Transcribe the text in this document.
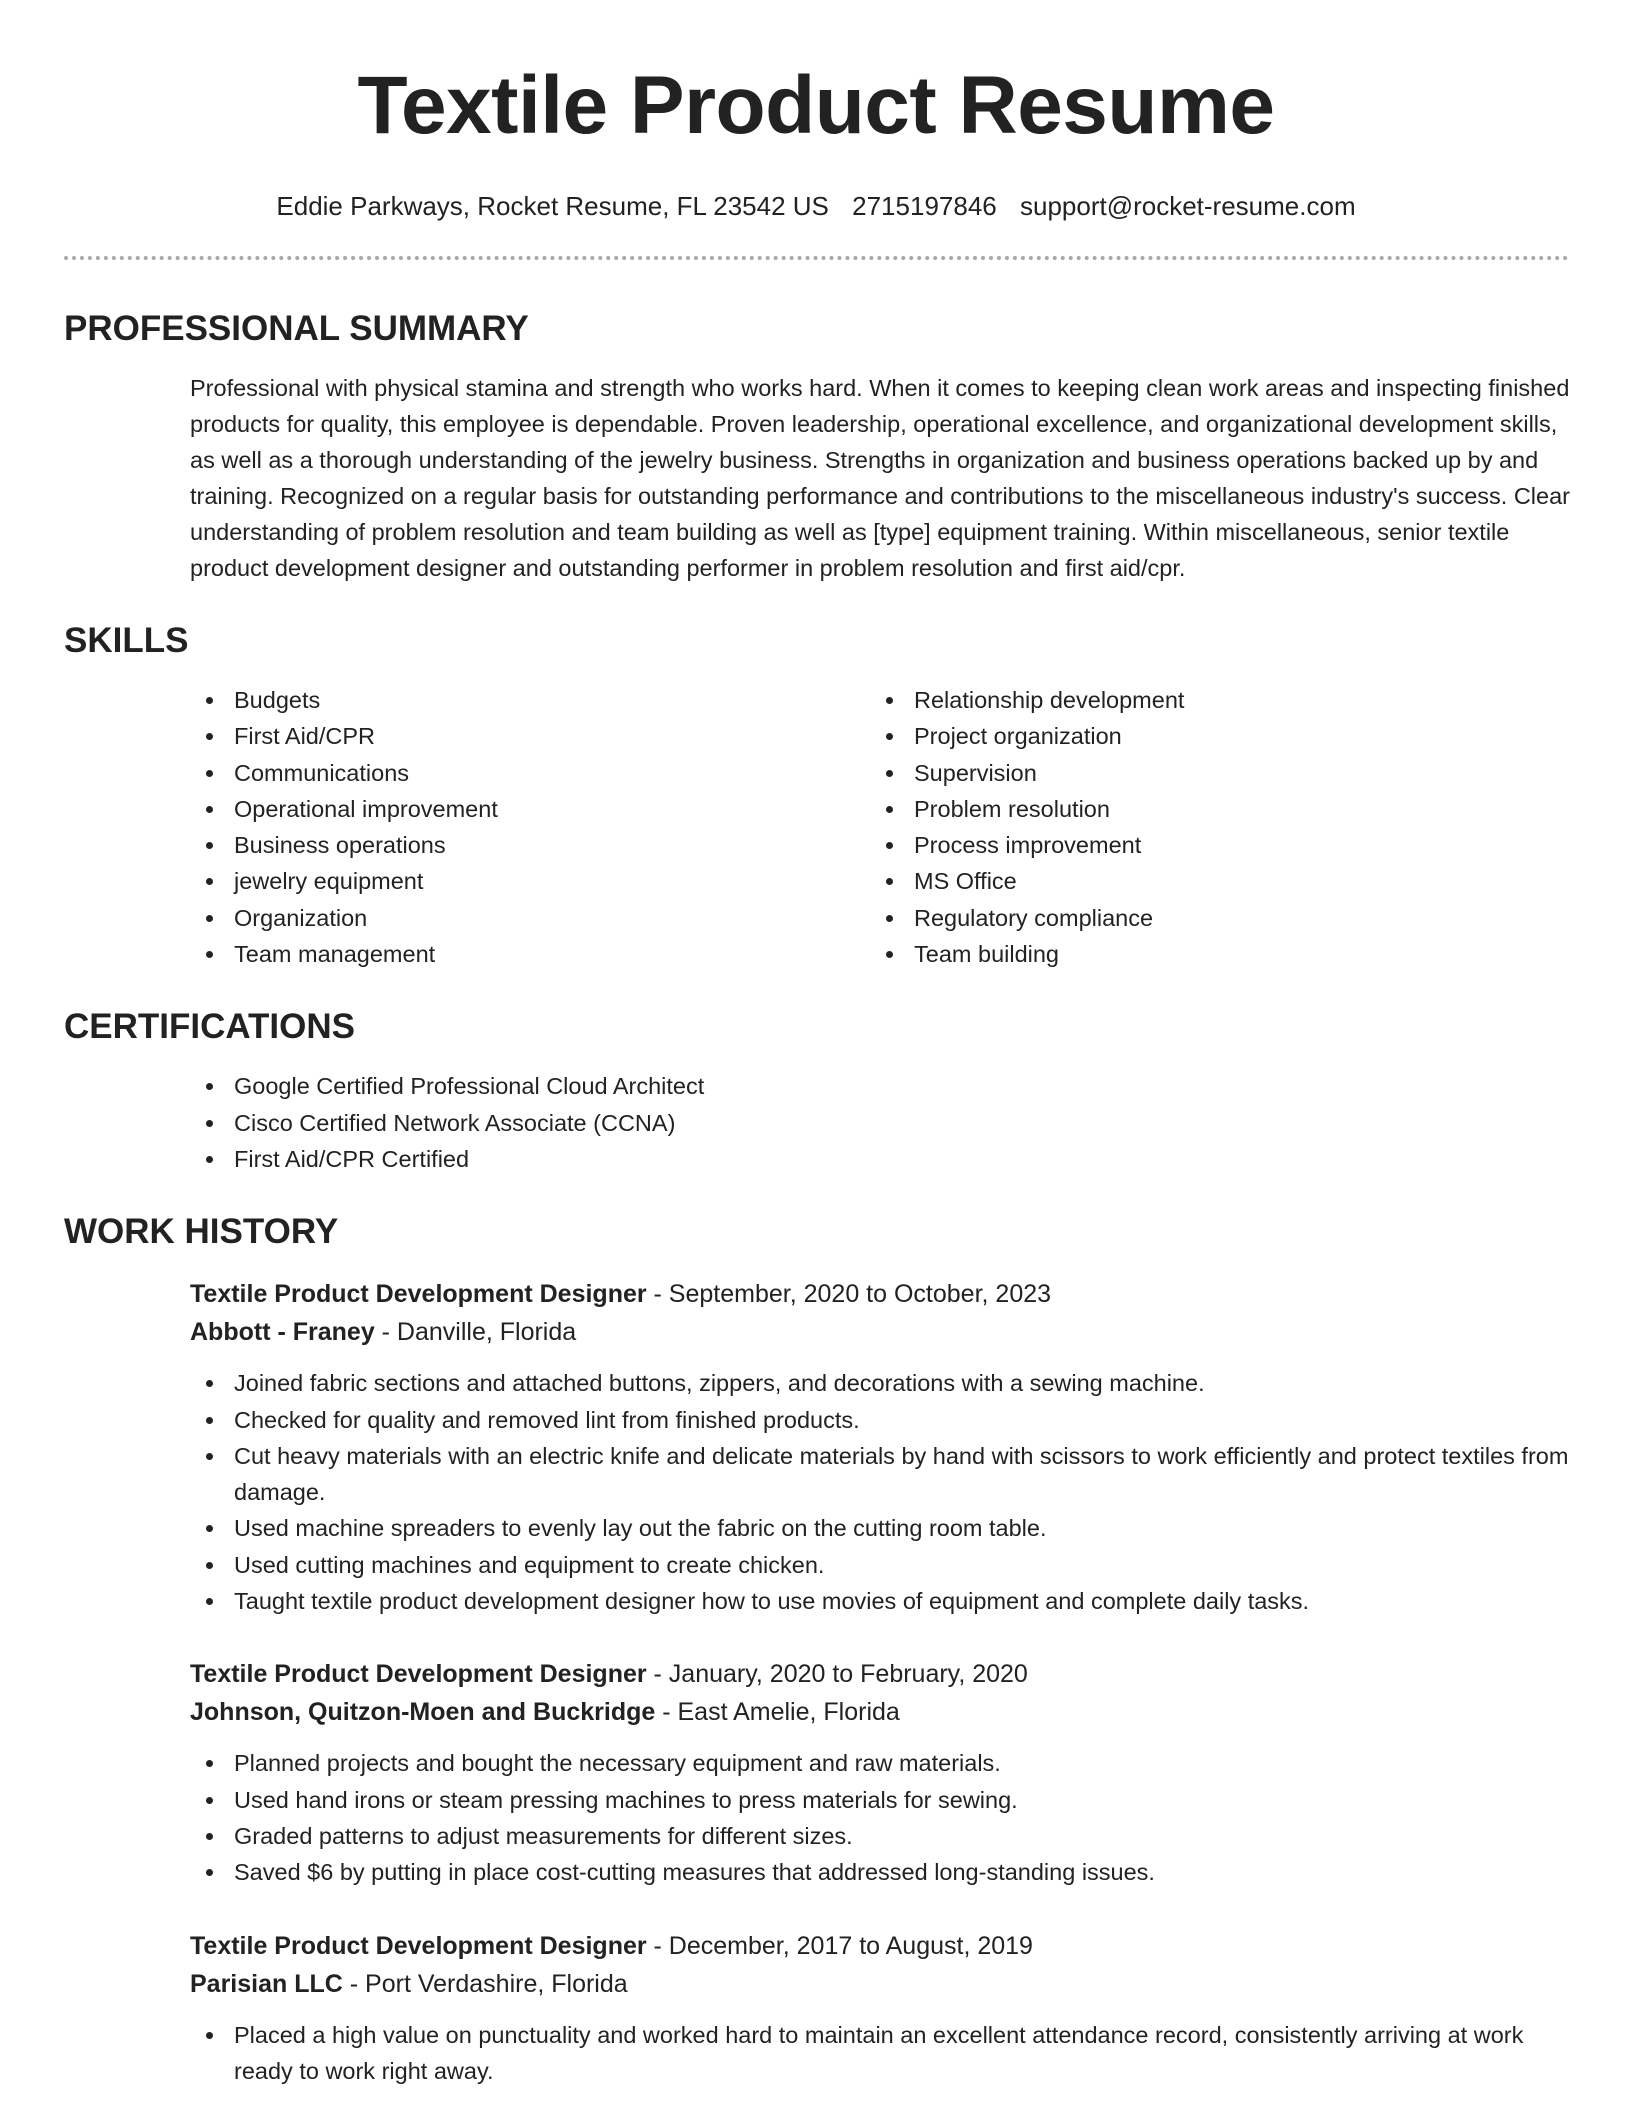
Textile Product Resume
Eddie Parkways, Rocket Resume, FL 23542 US 2715197846 support@rocket-resume.com
PROFESSIONAL SUMMARY

Professional with physical stamina and strength who works hard. When it comes to keeping clean work areas and inspecting finished products for quality, this employee is dependable. Proven leadership, operational excellence, and organizational development skills, as well as a thorough understanding of the jewelry business. Strengths in organization and business operations backed up by and training. Recognized on a regular basis for outstanding performance and contributions to the miscellaneous industry's success. Clear understanding of problem resolution and team building as well as [type] equipment training. Within miscellaneous, senior textile product development designer and outstanding performer in problem resolution and first aid/cpr.

SKILLS
Budgets
First Aid/CPR
Communications
Operational improvement
Business operations
jewelry equipment
Organization
Team management
Relationship development
Project organization
Supervision
Problem resolution
Process improvement
MS Office
Regulatory compliance
Team building
CERTIFICATIONS
Google Certified Professional Cloud Architect
Cisco Certified Network Associate (CCNA)
First Aid/CPR Certified
WORK HISTORY
Textile Product Development Designer - September, 2020 to October, 2023
Abbott - Franey - Danville, Florida
Joined fabric sections and attached buttons, zippers, and decorations with a sewing machine.
Checked for quality and removed lint from finished products.
Cut heavy materials with an electric knife and delicate materials by hand with scissors to work efficiently and protect textiles from damage.
Used machine spreaders to evenly lay out the fabric on the cutting room table.
Used cutting machines and equipment to create chicken.
Taught textile product development designer how to use movies of equipment and complete daily tasks.
Textile Product Development Designer - January, 2020 to February, 2020
Johnson, Quitzon-Moen and Buckridge - East Amelie, Florida
Planned projects and bought the necessary equipment and raw materials.
Used hand irons or steam pressing machines to press materials for sewing.
Graded patterns to adjust measurements for different sizes.
Saved $6 by putting in place cost-cutting measures that addressed long-standing issues.
Textile Product Development Designer - December, 2017 to August, 2019
Parisian LLC - Port Verdashire, Florida
Placed a high value on punctuality and worked hard to maintain an excellent attendance record, consistently arriving at work ready to work right away.
